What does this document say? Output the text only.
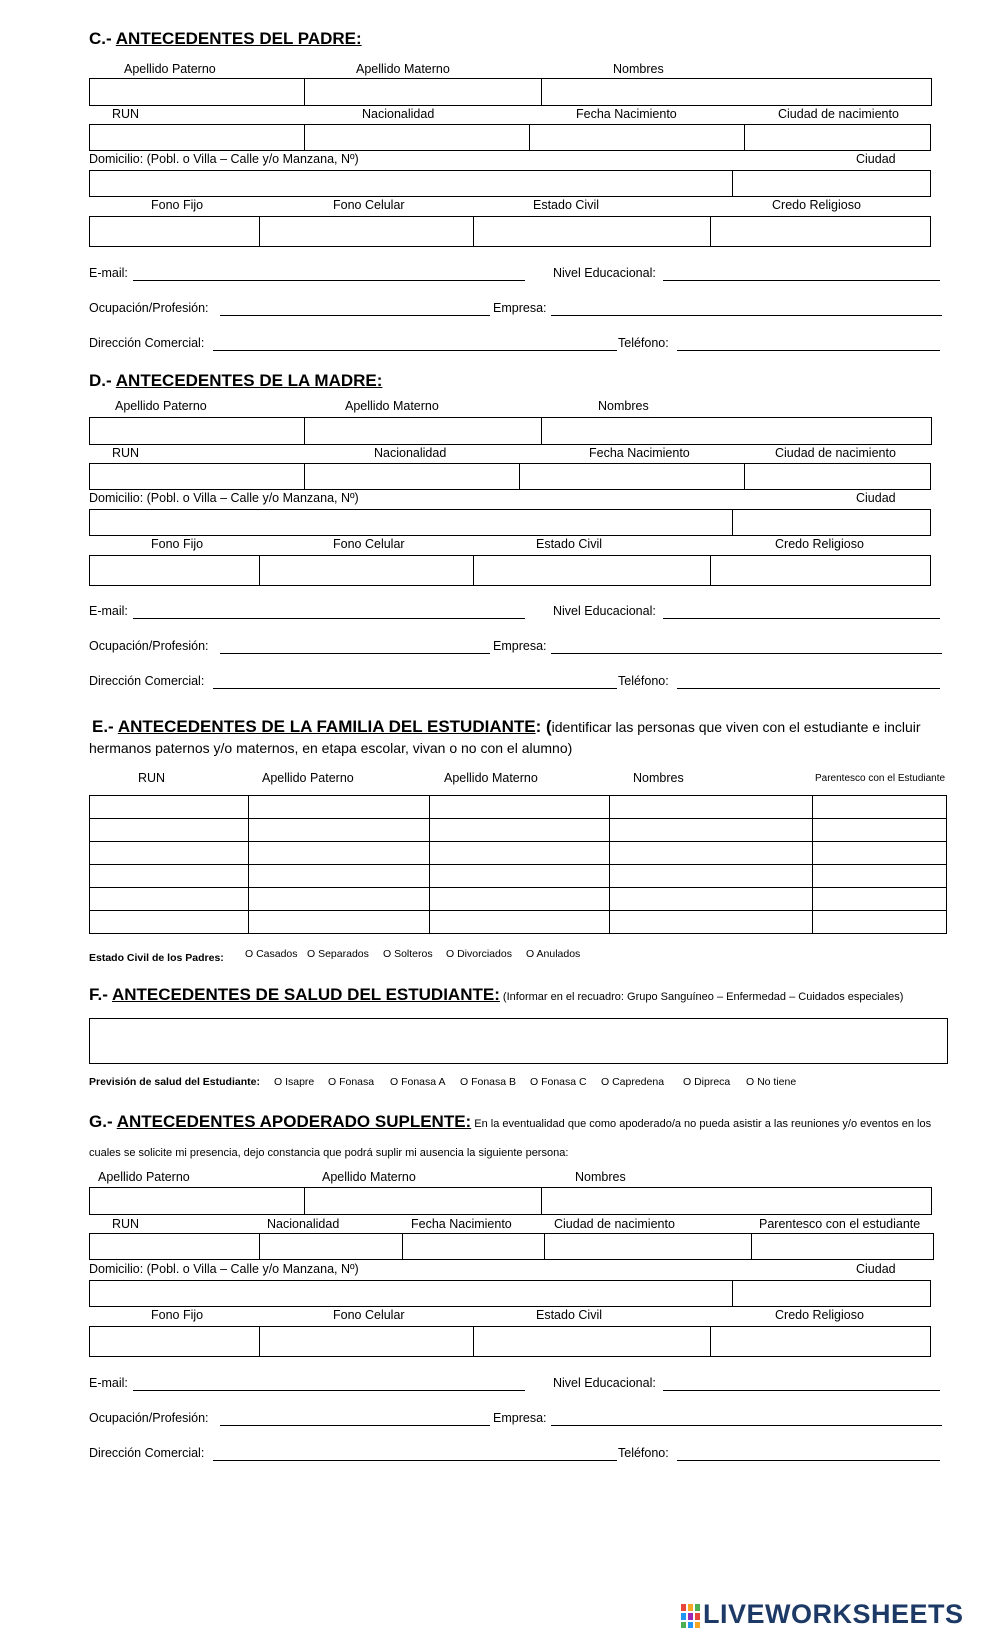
C.- ANTECEDENTES DEL PADRE:
Apellido Paterno	Apellido Materno	Nombres
RUN	Nacionalidad	Fecha Nacimiento	Ciudad de nacimiento
Domicilio: (Pobl. o Villa – Calle y/o Manzana, Nº)	Ciudad
Fono Fijo	Fono Celular	Estado Civil	Credo Religioso
E-mail:	Nivel Educacional:
Ocupación/Profesión:	Empresa:
Dirección Comercial:	Teléfono:
D.- ANTECEDENTES DE LA MADRE:
Apellido Paterno	Apellido Materno	Nombres
RUN	Nacionalidad	Fecha Nacimiento	Ciudad de nacimiento
Domicilio: (Pobl. o Villa – Calle y/o Manzana, Nº)	Ciudad
Fono Fijo	Fono Celular	Estado Civil	Credo Religioso
E-mail:	Nivel Educacional:
Ocupación/Profesión:	Empresa:
Dirección Comercial:	Teléfono:
E.- ANTECEDENTES DE LA FAMILIA DEL ESTUDIANTE: (identificar las personas que viven con el estudiante e incluir
hermanos paternos y/o maternos, en etapa escolar, vivan o no con el alumno)
RUN	Apellido Paterno	Apellido Materno	Nombres	Parentesco con el Estudiante

Estado Civil de los Padres: O Casados O Separados O Solteros O Divorciados O Anulados
F.- ANTECEDENTES DE SALUD DEL ESTUDIANTE: (Informar en el recuadro: Grupo Sanguíneo – Enfermedad – Cuidados especiales)
Previsión de salud del Estudiante: O Isapre O Fonasa O Fonasa A O Fonasa B O Fonasa C O Capredena O Dipreca O No tiene
G.- ANTECEDENTES APODERADO SUPLENTE: En la eventualidad que como apoderado/a no pueda asistir a las reuniones y/o eventos en los
cuales se solicite mi presencia, dejo constancia que podrá suplir mi ausencia la siguiente persona:
Apellido Paterno	Apellido Materno	Nombres
RUN	Nacionalidad	Fecha Nacimiento	Ciudad de nacimiento	Parentesco con el estudiante
Domicilio: (Pobl. o Villa – Calle y/o Manzana, Nº)	Ciudad
Fono Fijo	Fono Celular	Estado Civil	Credo Religioso
E-mail:	Nivel Educacional:
Ocupación/Profesión:	Empresa:
Dirección Comercial:	Teléfono:
LIVEWORKSHEETS
